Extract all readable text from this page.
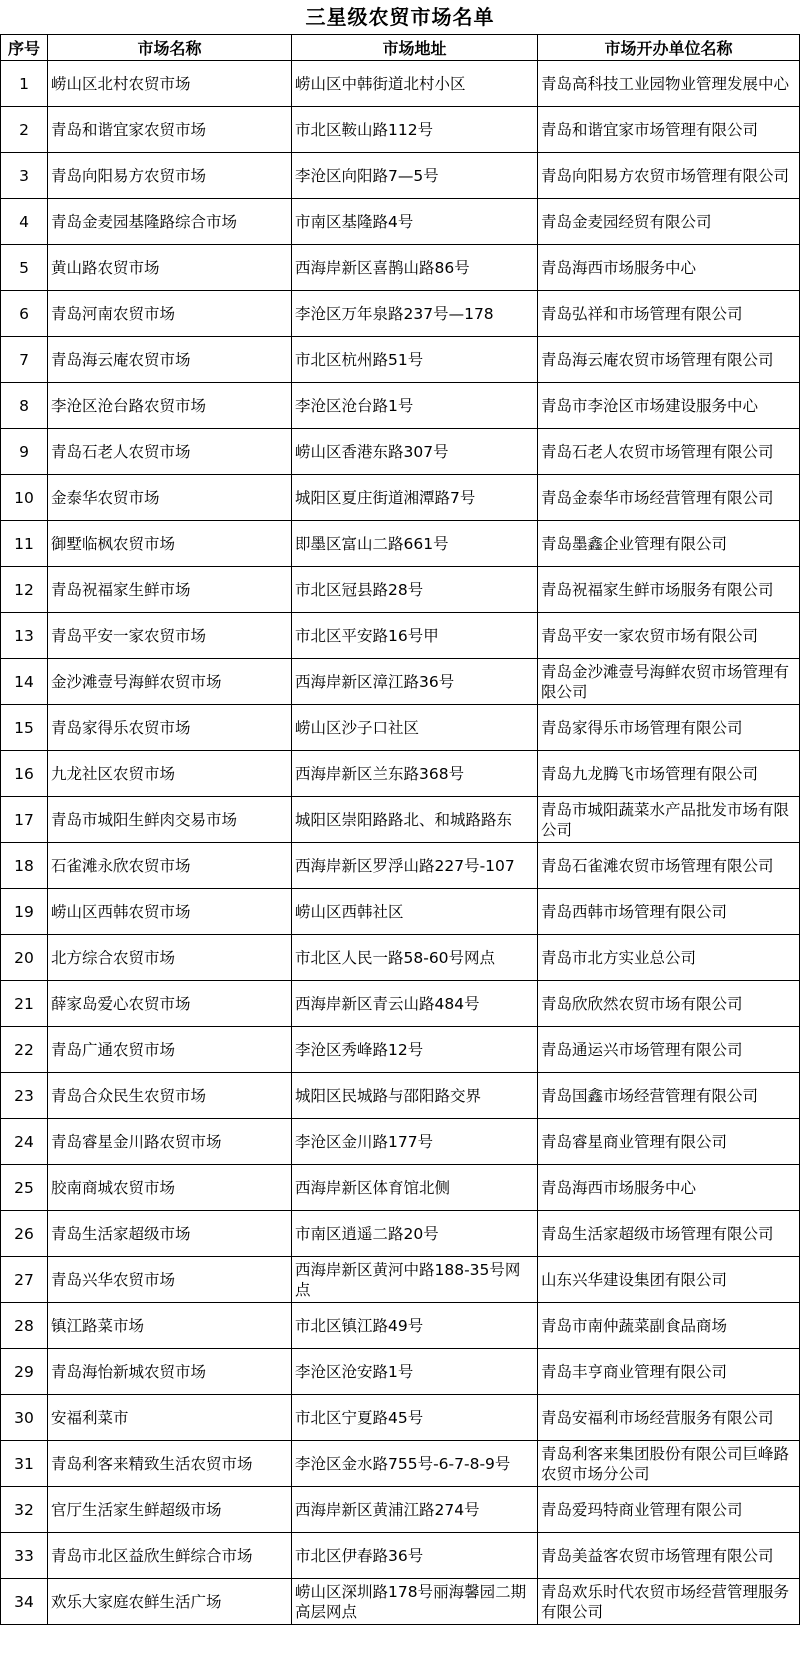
三星级农贸市场名单
序号	市场名称	市场地址	市场开办单位名称
1	崂山区北村农贸市场	崂山区中韩街道北村小区	青岛高科技工业园物业管理发展中心
2	青岛和谐宜家农贸市场	市北区鞍山路112号	青岛和谐宜家市场管理有限公司
3	青岛向阳易方农贸市场	李沧区向阳路7—5号	青岛向阳易方农贸市场管理有限公司
4	青岛金麦园基隆路综合市场	市南区基隆路4号	青岛金麦园经贸有限公司
5	黄山路农贸市场	西海岸新区喜鹊山路86号	青岛海西市场服务中心
6	青岛河南农贸市场	李沧区万年泉路237号—178	青岛弘祥和市场管理有限公司
7	青岛海云庵农贸市场	市北区杭州路51号	青岛海云庵农贸市场管理有限公司
8	李沧区沧台路农贸市场	李沧区沧台路1号	青岛市李沧区市场建设服务中心
9	青岛石老人农贸市场	崂山区香港东路307号	青岛石老人农贸市场管理有限公司
10	金泰华农贸市场	城阳区夏庄街道湘潭路7号	青岛金泰华市场经营管理有限公司
11	御墅临枫农贸市场	即墨区富山二路661号	青岛墨鑫企业管理有限公司
12	青岛祝福家生鲜市场	市北区冠县路28号	青岛祝福家生鲜市场服务有限公司
13	青岛平安一家农贸市场	市北区平安路16号甲	青岛平安一家农贸市场有限公司
14	金沙滩壹号海鲜农贸市场	西海岸新区漳江路36号	青岛金沙滩壹号海鲜农贸市场管理有限公司
15	青岛家得乐农贸市场	崂山区沙子口社区	青岛家得乐市场管理有限公司
16	九龙社区农贸市场	西海岸新区兰东路368号	青岛九龙腾飞市场管理有限公司
17	青岛市城阳生鲜肉交易市场	城阳区崇阳路路北、和城路路东	青岛市城阳蔬菜水产品批发市场有限公司
18	石雀滩永欣农贸市场	西海岸新区罗浮山路227号-107	青岛石雀滩农贸市场管理有限公司
19	崂山区西韩农贸市场	崂山区西韩社区	青岛西韩市场管理有限公司
20	北方综合农贸市场	市北区人民一路58-60号网点	青岛市北方实业总公司
21	薛家岛爱心农贸市场	西海岸新区青云山路484号	青岛欣欣然农贸市场有限公司
22	青岛广通农贸市场	李沧区秀峰路12号	青岛通运兴市场管理有限公司
23	青岛合众民生农贸市场	城阳区民城路与邵阳路交界	青岛国鑫市场经营管理有限公司
24	青岛睿星金川路农贸市场	李沧区金川路177号	青岛睿星商业管理有限公司
25	胶南商城农贸市场	西海岸新区体育馆北侧	青岛海西市场服务中心
26	青岛生活家超级市场	市南区逍遥二路20号	青岛生活家超级市场管理有限公司
27	青岛兴华农贸市场	西海岸新区黄河中路188-35号网点	山东兴华建设集团有限公司
28	镇江路菜市场	市北区镇江路49号	青岛市南仲蔬菜副食品商场
29	青岛海怡新城农贸市场	李沧区沧安路1号	青岛丰亨商业管理有限公司
30	安福利菜市	市北区宁夏路45号	青岛安福利市场经营服务有限公司
31	青岛利客来精致生活农贸市场	李沧区金水路755号-6-7-8-9号	青岛利客来集团股份有限公司巨峰路农贸市场分公司
32	官厅生活家生鲜超级市场	西海岸新区黄浦江路274号	青岛爱玛特商业管理有限公司
33	青岛市北区益欣生鲜综合市场	市北区伊春路36号	青岛美益客农贸市场管理有限公司
34	欢乐大家庭农鲜生活广场	崂山区深圳路178号丽海馨园二期高层网点	青岛欢乐时代农贸市场经营管理服务有限公司
